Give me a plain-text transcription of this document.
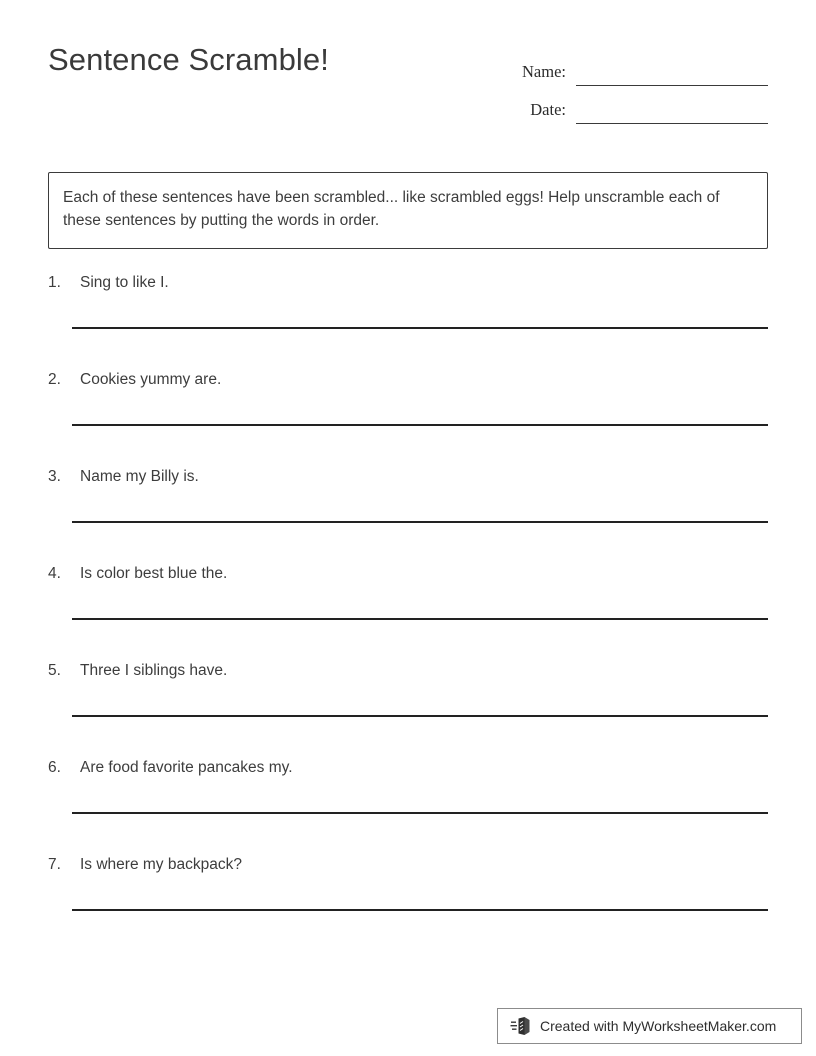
Sentence Scramble!	Name:
Date:
Each of these sentences have been scrambled... like scrambled eggs! Help unscramble each of these sentences by putting the words in order.
1.	Sing to like I.
2.	Cookies yummy are.
3.	Name my Billy is.
4.	Is color best blue the.
5.	Three I siblings have.
6.	Are food favorite pancakes my.
7.	Is where my backpack?
Created with MyWorksheetMaker.com
